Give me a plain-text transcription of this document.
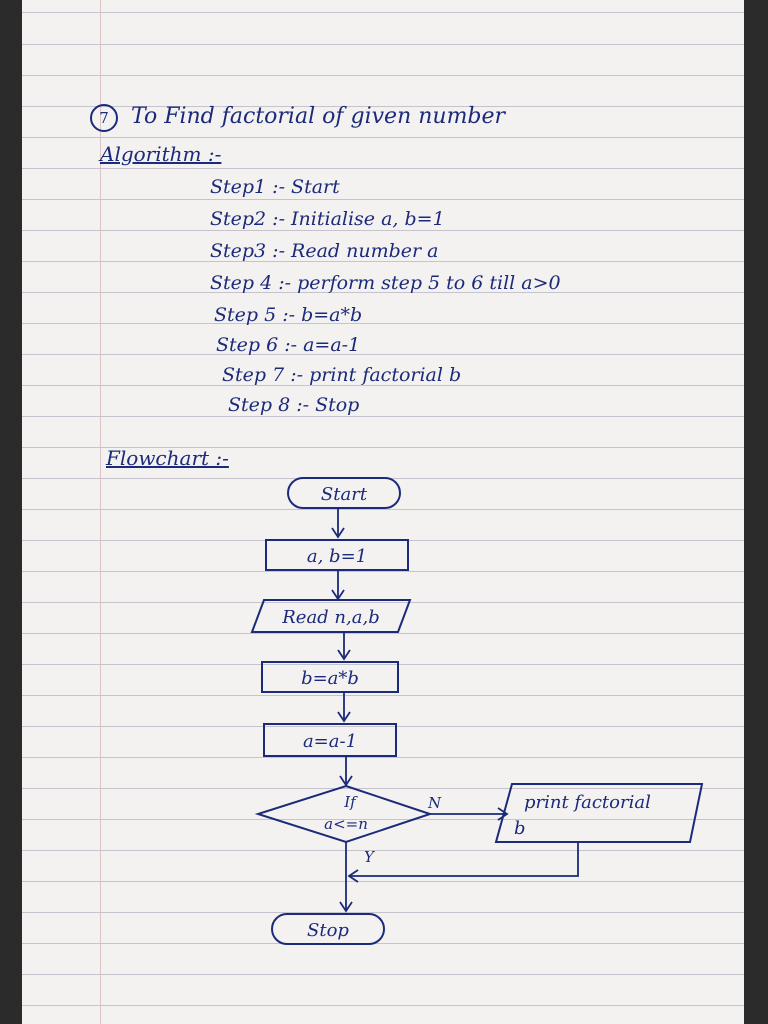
7 To Find factorial of given number
Algorithm :-
Step1 :- Start
Step2 :- Initialise a, b=1
Step3 :- Read number a
Step 4 :- perform step 5 to 6 till a>0
Step 5 :- b=a*b
Step 6 :- a=a-1
Step 7 :- print factorial b
Step 8 :- Stop
Flowchart :-
Start
a, b=1
Read n,a,b
b=a*b
a=a-1
If
a<=n
N	print factorial
b
Y
Stop
